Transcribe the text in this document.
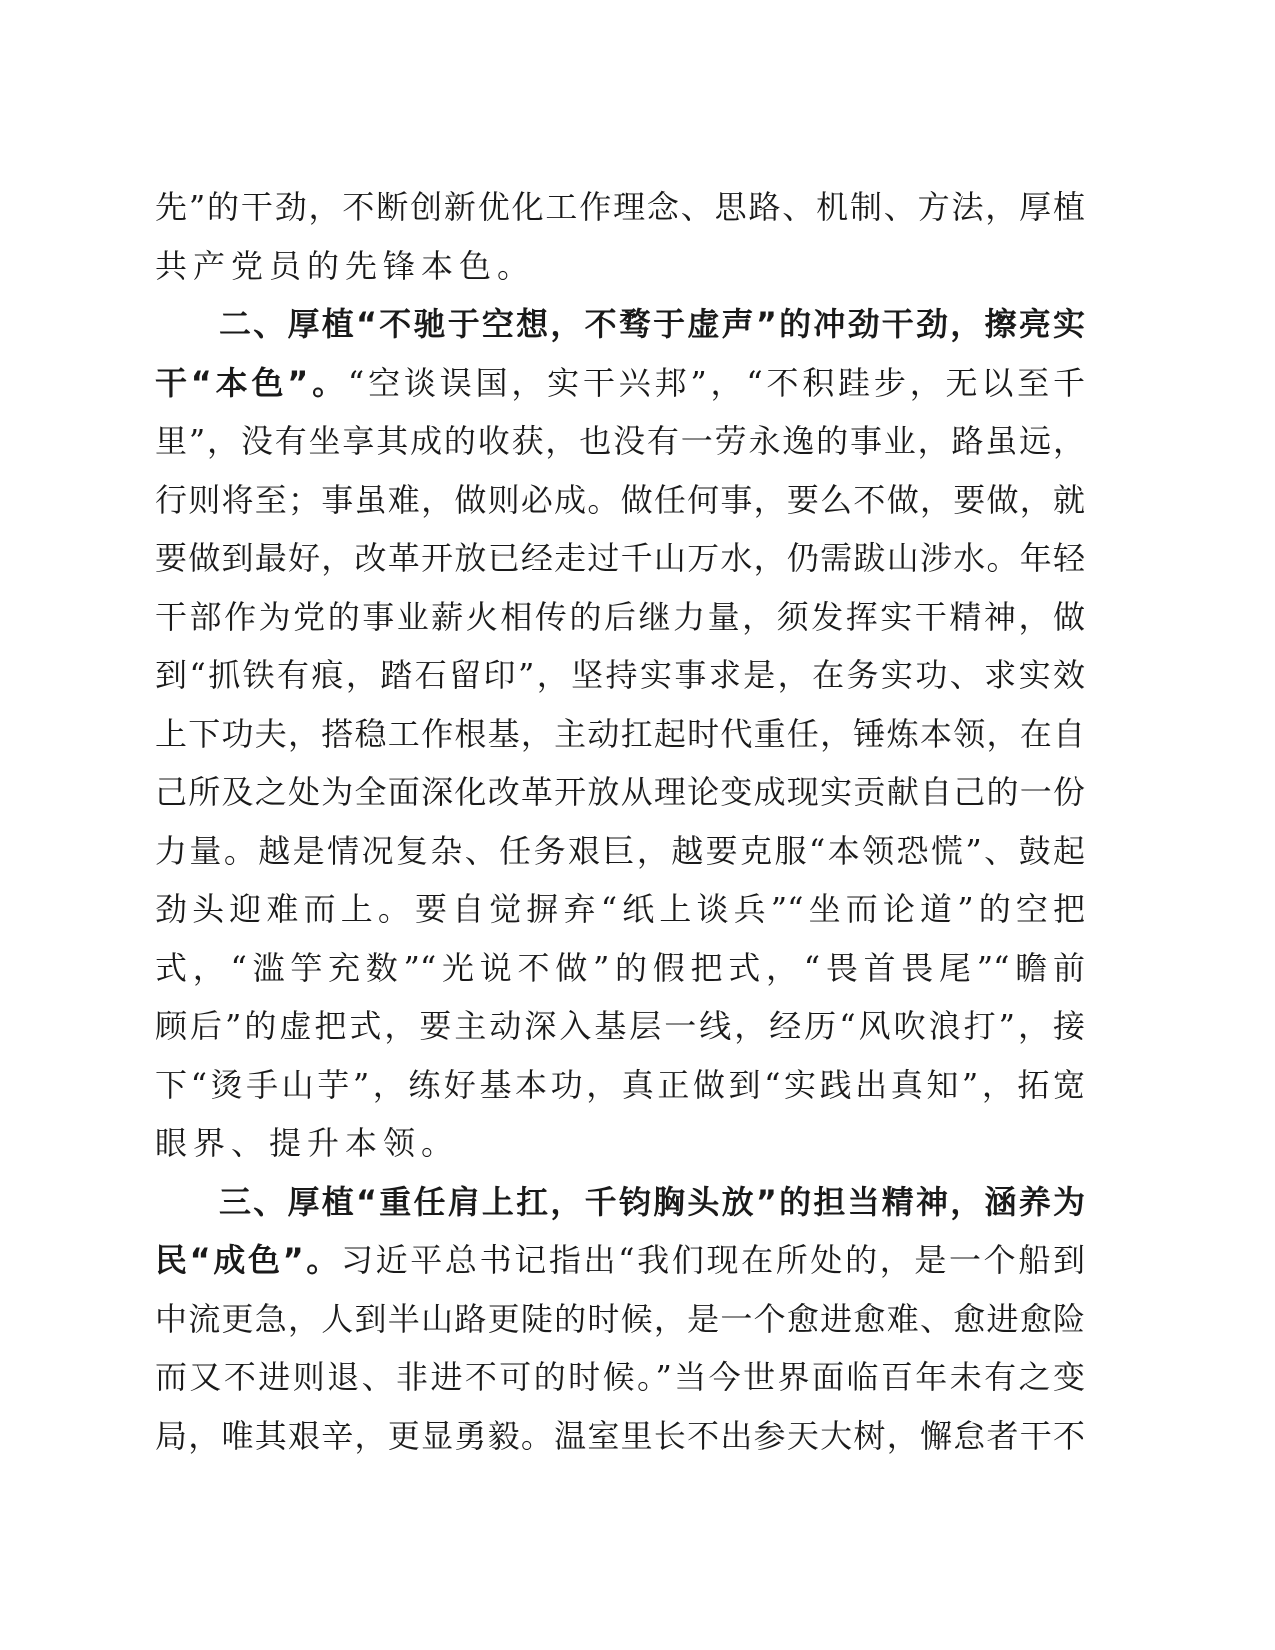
先”的干劲，不断创新优化工作理念、思路、机制、方法，厚植
共产党员的先锋本色。
二、厚植“不驰于空想，不骛于虚声”的冲劲干劲，擦亮实
干“本色”。“空谈误国，实干兴邦”，“不积跬步，无以至千
里”，没有坐享其成的收获，也没有一劳永逸的事业，路虽远，
行则将至；事虽难，做则必成。做任何事，要么不做，要做，就
要做到最好，改革开放已经走过千山万水，仍需跋山涉水。年轻
干部作为党的事业薪火相传的后继力量，须发挥实干精神，做
到“抓铁有痕，踏石留印”，坚持实事求是，在务实功、求实效
上下功夫，搭稳工作根基，主动扛起时代重任，锤炼本领，在自
己所及之处为全面深化改革开放从理论变成现实贡献自己的一份
力量。越是情况复杂、任务艰巨，越要克服“本领恐慌”、鼓起
劲头迎难而上。要自觉摒弃“纸上谈兵”“坐而论道”的空把
式，“滥竽充数”“光说不做”的假把式，“畏首畏尾”“瞻前
顾后”的虚把式，要主动深入基层一线，经历“风吹浪打”，接
下“烫手山芋”，练好基本功，真正做到“实践出真知”，拓宽
眼界、提升本领。
三、厚植“重任肩上扛，千钧胸头放”的担当精神，涵养为
民“成色”。习近平总书记指出“我们现在所处的，是一个船到
中流更急，人到半山路更陡的时候，是一个愈进愈难、愈进愈险
而又不进则退、非进不可的时候。”当今世界面临百年未有之变
局，唯其艰辛，更显勇毅。温室里长不出参天大树，懈怠者干不
